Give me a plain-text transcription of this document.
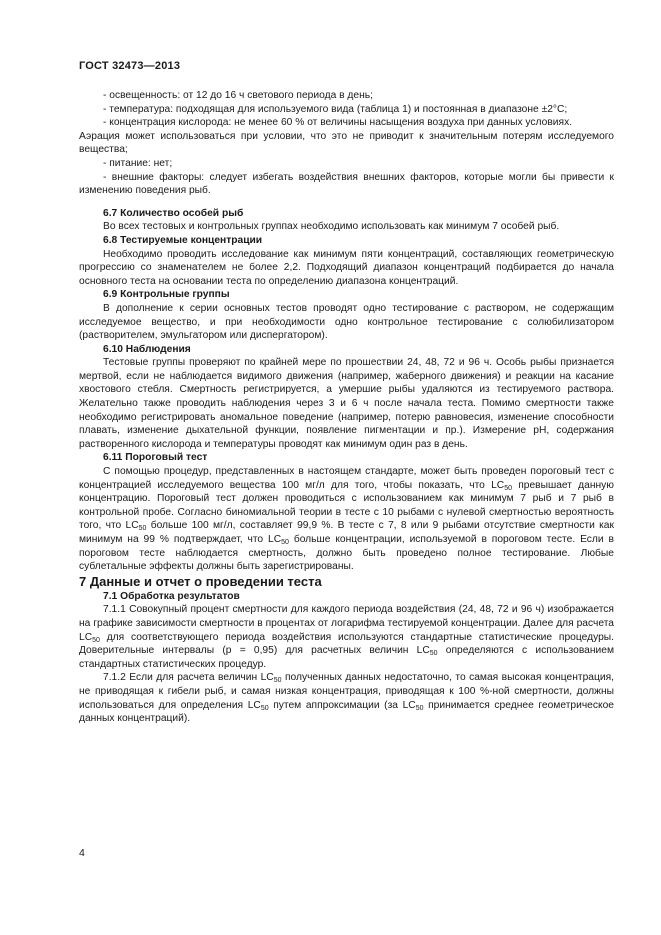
ГОСТ 32473—2013

- освещенность: от 12 до 16 ч светового периода в день;

- температура: подходящая для используемого вида (таблица 1) и постоянная в диапазоне ±2°С;

- концентрация кислорода: не менее 60 % от величины насыщения воздуха при данных условиях.

Аэрация может использоваться при условии, что это не приводит к значительным потерям исследуемого вещества;

- питание: нет;

- внешние факторы: следует избегать воздействия внешних факторов, которые могли бы привести к изменению поведения рыб.

6.7 Количество особей рыб

Во всех тестовых и контрольных группах необходимо использовать как минимум 7 особей рыб.

6.8 Тестируемые концентрации

Необходимо проводить исследование как минимум пяти концентраций, составляющих геометрическую прогрессию со знаменателем не более 2,2. Подходящий диапазон концентраций подбирается до начала основного теста на основании теста по определению диапазона концентраций.

6.9 Контрольные группы

В дополнение к серии основных тестов проводят одно тестирование с раствором, не содержащим исследуемое вещество, и при необходимости одно контрольное тестирование с солюбилизатором (растворителем, эмульгатором или диспергатором).

6.10 Наблюдения

Тестовые группы проверяют по крайней мере по прошествии 24, 48, 72 и 96 ч. Особь рыбы признается мертвой, если не наблюдается видимого движения (например, жаберного движения) и реакции на касание хвостового стебля. Смертность регистрируется, а умершие рыбы удаляются из тестируемого раствора. Желательно также проводить наблюдения через 3 и 6 ч после начала теста. Помимо смертности также необходимо регистрировать аномальное поведение (например, потерю равновесия, изменение способности плавать, изменение дыхательной функции, появление пигментации и пр.). Измерение pH, содержания растворенного кислорода и температуры проводят как минимум один раз в день.

6.11 Пороговый тест

С помощью процедур, представленных в настоящем стандарте, может быть проведен пороговый тест с концентрацией исследуемого вещества 100 мг/л для того, чтобы показать, что $LC_{50}$ превышает данную концентрацию. Пороговый тест должен проводиться с использованием как минимум 7 рыб и 7 рыб в контрольной пробе. Согласно биномиальной теории в тесте с 10 рыбами с нулевой смертностью вероятность того, что $LC_{50}$ больше 100 мг/л, составляет 99,9 %. В тесте с 7, 8 или 9 рыбами отсутствие смертности как минимум на 99 % подтверждает, что $LC_{50}$ больше концентрации, используемой в пороговом тесте. Если в пороговом тесте наблюдается смертность, должно быть проведено полное тестирование. Любые сублетальные эффекты должны быть зарегистрированы.

7 Данные и отчет о проведении теста

7.1 Обработка результатов

7.1.1 Совокупный процент смертности для каждого периода воздействия (24, 48, 72 и 96 ч) изображается на графике зависимости смертности в процентах от логарифма тестируемой концентрации. Далее для расчета $LC_{50}$ для соответствующего периода воздействия используются стандартные статистические процедуры. Доверительные интервалы (р = 0,95) для расчетных величин $LC_{50}$ определяются с использованием стандартных статистических процедур.

7.1.2 Если для расчета величин $LC_{50}$ полученных данных недостаточно, то самая высокая концентрация, не приводящая к гибели рыб, и самая низкая концентрация, приводящая к 100 %-ной смертности, должны использоваться для определения $LC_{50}$ путем аппроксимации (за $LC_{50}$ принимается среднее геометрическое данных концентраций).

4
